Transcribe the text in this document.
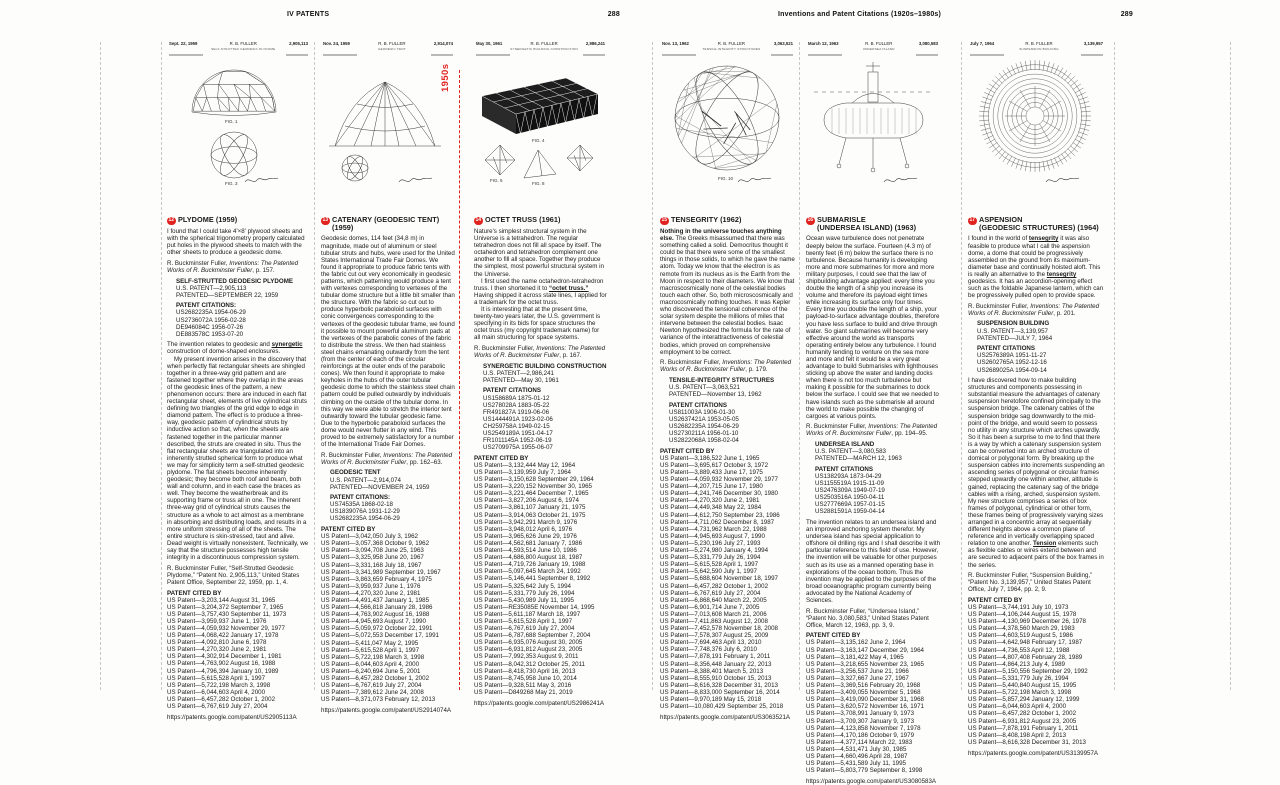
IV PATENTS	288	Inventions and Patent Citations (1920s–1980s)	289
1950s
Sept. 22, 1959	R. B. FULLER
SELF-STRUTTED GEODESIC PLYDOME
2,905,113
FIG. 1
FIG. 3
12 PLYDOME (1959)
I found that I could take 4'×8' plywood sheets and with the spherical trigonometry properly calculated put holes in the plywood sheets to match with the other sheets to produce a geodesic dome.
R. Buckminster Fuller, Inventions: The Patented Works of R. Buckminster Fuller, p. 157.
SELF-STRUTTED GEODESIC PLYDOME
U.S. PATENT—2,905,113
PATENTED—SEPTEMBER 22, 1959
PATENT CITATIONS:
US2682235A 1954-06-29
US2736072A 1956-02-28
DE946084C 1956-07-26
DE883578C 1953-07-20
The invention relates to geodesic and synergetic construction of dome-shaped enclosures.
My present invention arises in the discovery that when perfectly flat rectangular sheets are shingled together in a three-way grid pattern and are fastened together where they overlap in the areas of the geodesic lines of the pattern, a new phenomenon occurs: there are induced in each flat rectangular sheet, elements of live cylindrical struts defining two triangles of the grid edge to edge in diamond pattern. The effect is to produce a three-way, geodesic pattern of cylindrical struts by inductive action so that, when the sheets are fastened together in the particular manner described, the struts are created in situ. Thus the flat rectangular sheets are triangulated into an inherently strutted spherical form to produce what we may for simplicity term a self-strutted geodesic plydome. The flat sheets become inherently geodesic; they become both roof and beam, both wall and column, and in each case the braces as well. They become the weatherbreak and its supporting frame or truss all in one. The inherent three-way grid of cylindrical struts causes the structure as a whole to act almost as a membrane in absorbing and distributing loads, and results in a more uniform stressing of all of the sheets. The entire structure is skin-stressed, taut and alive. Dead weight is virtually nonexistent. Technically, we say that the structure possesses high tensile integrity in a discontinuous compression system.
R. Buckminster Fuller, “Self-Strutted Geodesic Plydome,” “Patent No. 2,905,113,” United States Patent Office, September 22, 1959, pp. 1, 4.
PATENT CITED BY
US Patent—3,203,144 August 31, 1965
US Patent—3,204,372 September 7, 1965
US Patent—3,757,430 September 11, 1973
US Patent—3,959,937 June 1, 1976
US Patent—4,059,932 November 29, 1977
US Patent—4,068,422 January 17, 1978
US Patent—4,092,810 June 6, 1978
US Patent—4,270,320 June 2, 1981
US Patent—4,302,914 December 1, 1981
US Patent—4,763,902 August 16, 1988
US Patent—4,796,394 January 10, 1989
US Patent—5,615,528 April 1, 1997
US Patent—5,722,198 March 3, 1998
US Patent—6,044,603 April 4, 2000
US Patent—6,457,282 October 1, 2002
US Patent—6,767,619 July 27, 2004
https://patents.google.com/patent/US2905113A
Nov. 24, 1959	R. B. FULLER
GEODESIC TENT
2,914,074
13 CATENARY (GEODESIC TENT) (1959)
Geodesic domes, 114 feet (34,8 m) in magnitude, made out of aluminum or steel tubular struts and hubs, were used for the United States International Trade Fair Domes. We found it appropriate to produce fabric tents with the fabric cut out very economically in geodesic patterns, which patterning would produce a tent with vertexes corresponding to vertexes of the tubular dome structure but a little bit smaller than the structure. With the fabric so cut out to produce hyperbolic paraboloid surfaces with conic convergences corresponding to the vertexes of the geodesic tubular frame, we found it possible to mount powerful aluminum pads at the vertexes of the parabolic cones of the fabric to distribute the stress. We then had stainless steel chains emanating outwardly from the tent (from the center of each of the circular reinforcings at the outer ends of the parabolic cones). We then found it appropriate to make keyholes in the hubs of the outer tubular geodesic dome to which the stainless steel chain pattern could be pulled outwardly by individuals climbing on the outside of the tubular dome. In this way we were able to stretch the interior tent outwardly toward the tubular geodesic fame. Due to the hyperbolic paraboloid surfaces the dome would never flutter in any wind. This proved to be extremely satisfactory for a number of the International Trade Fair Domes.
R. Buckminster Fuller, Inventions: The Patented Works of R. Buckminster Fuller, pp. 162–63.
GEODESIC TENT
U.S. PATENT—2,914,074
PATENTED—NOVEMBER 24, 1959
PATENT CITATIONS:
US74535A 1868-02-18
US1839076A 1931-12-29
US2682235A 1954-06-29
PATENT CITED BY
US Patent—3,042,050 July 3, 1962
US Patent—3,057,368 October 9, 1962
US Patent—3,094,708 June 25, 1963
US Patent—3,325,958 June 20, 1967
US Patent—3,331,168 July 18, 1967
US Patent—3,341,989 September 19, 1967
US Patent—3,863,659 February 4, 1975
US Patent—3,959,937 June 1, 1976
US Patent—4,270,320 June 2, 1981
US Patent—4,491,437 January 1, 1985
US Patent—4,566,818 January 28, 1986
US Patent—4,763,902 August 16, 1988
US Patent—4,945,693 August 7, 1990
US Patent—5,059,972 October 22, 1991
US Patent—5,072,553 December 17, 1991
US Patent—5,411,047 May 2, 1995
US Patent—5,615,528 April 1, 1997
US Patent—5,722,198 March 3, 1998
US Patent—6,044,603 April 4, 2000
US Patent—6,240,694 June 5, 2001
US Patent—6,457,282 October 1, 2002
US Patent—6,767,619 July 27, 2004
US Patent—7,389,612 June 24, 2008
US Patent—8,371,073 February 12, 2013
https://patents.google.com/patent/US2914074A
May 30, 1961	R. B. FULLER
SYNERGETIC BUILDING CONSTRUCTION
2,986,241
FIG. 4
FIG. 5
FIG. 8
14 OCTET TRUSS (1961)
Nature's simplest structural system in the Universe is a tetrahedron. The regular tetrahedron does not fill all space by itself. The octahedron and tetrahedron complement one another to fill all space. Together they produce the simplest, most powerful structural system in the Universe.
I first used the name octahedron-tetrahedron truss. I then shortened it to “octet truss.” Having shipped it across state lines, I applied for a trademark for the octet truss.
It is interesting that at the present time, twenty-two years later, the U.S. government is specifying in its bids for space structures the octet truss (my copyright trademark name) for all main structuring for space systems.
R. Buckminster Fuller, Inventions: The Patented Works of R. Buckminster Fuller, p. 167.
SYNERGETIC BUILDING CONSTRUCTION
U.S. PATENT—2,986,241
PATENTED—May 30, 1961
PATENT CITATIONS
US158689A 1875-01-12
US278028A 1883-05-22
FR491827A 1919-06-06
US1444491A 1923-02-06
CH259758A 1949-02-15
US2549189A 1951-04-17
FR1011145A 1952-06-19
US2709975A 1955-06-07
PATENT CITED BY
US Patent—3,132,444 May 12, 1964
US Patent—3,139,959 July 7, 1964
US Patent—3,150,628 September 29, 1964
US Patent—3,220,152 November 30, 1965
US Patent—3,221,464 December 7, 1965
US Patent—3,827,206 August 6, 1974
US Patent—3,861,107 January 21, 1975
US Patent—3,914,063 October 21, 1975
US Patent—3,942,291 March 9, 1976
US Patent—3,948,012 April 6, 1976
US Patent—3,965,626 June 29, 1976
US Patent—4,562,681 January 7, 1986
US Patent—4,593,514 June 10, 1986
US Patent—4,686,800 August 18, 1987
US Patent—4,719,726 January 19, 1988
US Patent—5,097,645 March 24, 1992
US Patent—5,146,441 September 8, 1992
US Patent—5,325,642 July 5, 1994
US Patent—5,331,779 July 26, 1994
US Patent—5,430,989 July 11, 1995
US Patent—RE35085E November 14, 1995
US Patent—5,611,187 March 18, 1997
US Patent—5,615,528 April 1, 1997
US Patent—6,767,619 July 27, 2004
US Patent—6,787,688 September 7, 2004
US Patent—6,935,076 August 30, 2005
US Patent—6,931,812 August 23, 2005
US Patent—7,992,353 August 9, 2011
US Patent—8,042,312 October 25, 2011
US Patent—8,418,730 April 16, 2013
US Patent—8,745,958 June 10, 2014
US Patent—9,328,511 May 3, 2016
US Patent—D849268 May 21, 2019
https://patents.google.com/patent/US2986241A
Nov. 13, 1962	R. B. FULLER
TENSILE-INTEGRITY STRUCTURES
3,063,521
FIG. 10
15 TENSEGRITY (1962)
Nothing in the universe touches anything else. The Greeks misassumed that there was something called a solid. Democritus thought it could be that there were some of the smallest things in those solids, to which he gave the name atom. Today we know that the electron is as remote from its nucleus as is the Earth from the Moon in respect to their diameters. We know that macroscosmically none of the celestial bodies touch each other. So, both microscosmically and macrocosmically nothing touches. It was Kepler who discovered the tensional coherence of the solar system despite the millions of miles that intervene between the celestial bodies. Isaac Newton hypothesized the formula for the rate of variance of the interattractiveness of celestial bodies, which proved on comprehensive employment to be correct.
R. Buckminster Fuller, Inventions: The Patented Works of R. Buckminster Fuller, p. 179.
TENSILE-INTEGRITY STRUCTURES
U.S. PATENT—3,063,521
PATENTED—November 13, 1962
PATENT CITATIONS
US811003A 1906-01-30
US2637421A 1953-05-05
US2682235A 1954-06-29
US2730211A 1956-01-10
US2822068A 1958-02-04
PATENT CITED BY
US Patent—3,186,522 June 1, 1965
US Patent—3,695,617 October 3, 1972
US Patent—3,889,433 June 17, 1975
US Patent—4,059,932 November 29, 1977
US Patent—4,207,715 June 17, 1980
US Patent—4,241,746 December 30, 1980
US Patent—4,270,320 June 2, 1981
US Patent—4,449,348 May 22, 1984
US Patent—4,612,750 September 23, 1986
US Patent—4,711,062 December 8, 1987
US Patent—4,731,962 March 22, 1988
US Patent—4,945,693 August 7, 1990
US Patent—5,230,196 July 27, 1993
US Patent—5,274,980 January 4, 1994
US Patent—5,331,779 July 26, 1994
US Patent—5,615,528 April 1, 1997
US Patent—5,642,590 July 1, 1997
US Patent—5,688,604 November 18, 1997
US Patent—6,457,282 October 1, 2002
US Patent—6,767,619 July 27, 2004
US Patent—6,868,640 March 22, 2005
US Patent—6,901,714 June 7, 2005
US Patent—7,013,608 March 21, 2006
US Patent—7,411,863 August 12, 2008
US Patent—7,452,578 November 18, 2008
US Patent—7,578,307 August 25, 2009
US Patent—7,694,463 April 13, 2010
US Patent—7,748,376 July 6, 2010
US Patent—7,878,191 February 1, 2011
US Patent—8,356,448 January 22, 2013
US Patent—8,388,401 March 5, 2013
US Patent—8,555,910 October 15, 2013
US Patent—8,616,328 December 31, 2013
US Patent—8,833,000 September 16, 2014
US Patent—9,970,189 May 15, 2018
US Patent—10,080,429 September 25, 2018
https://patents.google.com/patent/US3063521A
March 12, 1963	R. B. FULLER
UNDERSEA ISLAND
3,080,583
16 SUBMARISLE
(UNDERSEA ISLAND) (1963)
Ocean wave turbulence does not penetrate deeply below the surface. Fourteen (4.3 m) of twenty feet (6 m) below the surface there is no turbulence. Because humanity is developing more and more submarines for more and more military purposes, I could see that the law of shipbuilding advantage applied: every time you double the length of a ship you increase its volume and therefore its payload eight times while increasing its surface only four times. Every time you double the length of a ship, your payload-to-surface advantage doubles, therefore you have less surface to build and drive through water. So giant submarines will become very effective around the world as transports operating entirely below any turbulence. I found humanity tending to venture on the sea more and more and felt it would be a very great advantage to build Submarisles with lighthouses sticking up above the water and landing docks when there is not too much turbulence but making it possible for the submarines to dock below the surface. I could see that we needed to have islands such as the submarisle all around the world to make possible the changing of cargoes at various points.
R. Buckminster Fuller, Inventions: The Patented Works of R. Buckminster Fuller, pp. 194–95.
UNDERSEA ISLAND
U.S. PATENT—3,080,583
PATENTED—MARCH 12, 1963
PATENT CITATIONS
US138293A 1873-04-29
US1155519A 1915-11-09
US2476309A 1949-07-19
US2503516A 1950-04-11
US2777669A 1957-01-15
US2881591A 1959-04-14
The invention relates to an undersea island and an improved anchoring system therefor. My undersea island has special application to offshore oil drilling rigs and I shall describe it with particular reference to this field of use. However, the invention will be valuable for other purposes such as its use as a manned operating base in explorations of the ocean bottom. Thus the invention may be applied to the purposes of the broad oceanographic program currently being advocated by the National Academy of Sciences.
R. Buckminster Fuller, “Undersea Island,” “Patent No. 3,080,583,” United States Patent Office, March 12, 1963, pp. 3, 9.
PATENT CITED BY
US Patent—3,135,162 June 2, 1964
US Patent—3,163,147 December 29, 1964
US Patent—3,181,422 May 4, 1965
US Patent—3,218,655 November 23, 1965
US Patent—3,256,537 June 21, 1966
US Patent—3,327,667 June 27, 1967
US Patent—3,369,516 February 20, 1968
US Patent—3,409,055 November 5, 1968
US Patent—3,419,090 December 31, 1968
US Patent—3,620,572 November 16, 1971
US Patent—3,708,991 January 9, 1973
US Patent—3,709,307 January 9, 1973
US Patent—4,123,858 November 7, 1978
US Patent—4,170,186 October 9, 1979
US Patent—4,377,114 March 22, 1983
US Patent—4,531,471 July 30, 1985
US Patent—4,660,496 April 28, 1987
US Patent—5,431,589 July 11, 1995
US Patent—5,803,779 September 8, 1998
https://patents.google.com/patent/US3080583A
July 7, 1964	R. B. FULLER
SUSPENSION BUILDING
3,139,957
17 ASPENSION
(GEODESIC STRUCTURES) (1964)
I found in the world of tensegrity it was also feasible to produce what I call the aspension dome, a dome that could be progressively assembled on the ground from its maximum-diameter base and continually hoisted aloft. This is really an alternative to the tensegrity geodesics. It has an accordion-opening effect such as the foldable Japanese lantern, which can be progressively pulled open to provide space.
R. Buckminster Fuller, Inventions: The Patented Works of R. Buckminster Fuller, p. 201.
SUSPENSION BUILDING
U.S. PATENT—3,139,957
PATENTED—JULY 7, 1964
PATENT CITATIONS
US2576389A 1951-11-27
US2602765A 1952-12-16
US2689025A 1954-09-14
I have discovered how to make building structures and components possessing in substantial measure the advantages of catenary suspension heretofore confined principally to the suspension bridge. The catenary cables of the suspension bridge sag downwardly to the mid-point of the bridge, and would seem to possess no utility in any structure which arches upwardly. So it has been a surprise to me to find that there is a way by which a catenary suspension system can be converted into an arched structure of domical or polygonal form. By breaking up the suspension cables into increments suspending an ascending series of polygonal or circular frames stepped upwardly one within another, altitude is gained, replacing the catenary sag of the bridge cables with a rising, arched, suspension system. My new structure comprises a series of box frames of polygonal, cylindrical or other form, these frames being of progressively varying sizes arranged in a concentric array at sequentially different heights above a common plane of reference and in vertically overlapping spaced relation to one another. Tension elements such as flexible cables or wires extend between and are secured to adjacent pairs of the box frames in the series.
R. Buckminster Fuller, “Suspension Building,” “Patent No. 3,139,957,” United States Patent Office, July 7, 1964, pp. 2, 9.
PATENT CITED BY
US Patent—3,744,191 July 10, 1973
US Patent—4,106,244 August 15, 1978
US Patent—4,130,969 December 26, 1978
US Patent—4,378,560 March 29, 1983
US Patent—4,603,519 August 5, 1986
US Patent—4,642,948 February 17, 1987
US Patent—4,736,553 April 12, 1988
US Patent—4,807,408 February 28, 1989
US Patent—4,864,213 July 4, 1989
US Patent—5,150,556 September 29, 1992
US Patent—5,331,779 July 26, 1994
US Patent—5,440,840 August 15, 1995
US Patent—5,722,198 March 3, 1998
US Patent—5,857,294 January 12, 1999
US Patent—6,044,603 April 4, 2000
US Patent—6,457,282 October 1, 2002
US Patent—6,931,812 August 23, 2005
US Patent—7,878,191 February 1, 2011
US Patent—8,408,198 April 2, 2013
US Patent—8,616,328 December 31, 2013
https://patents.google.com/patent/US3139957A
